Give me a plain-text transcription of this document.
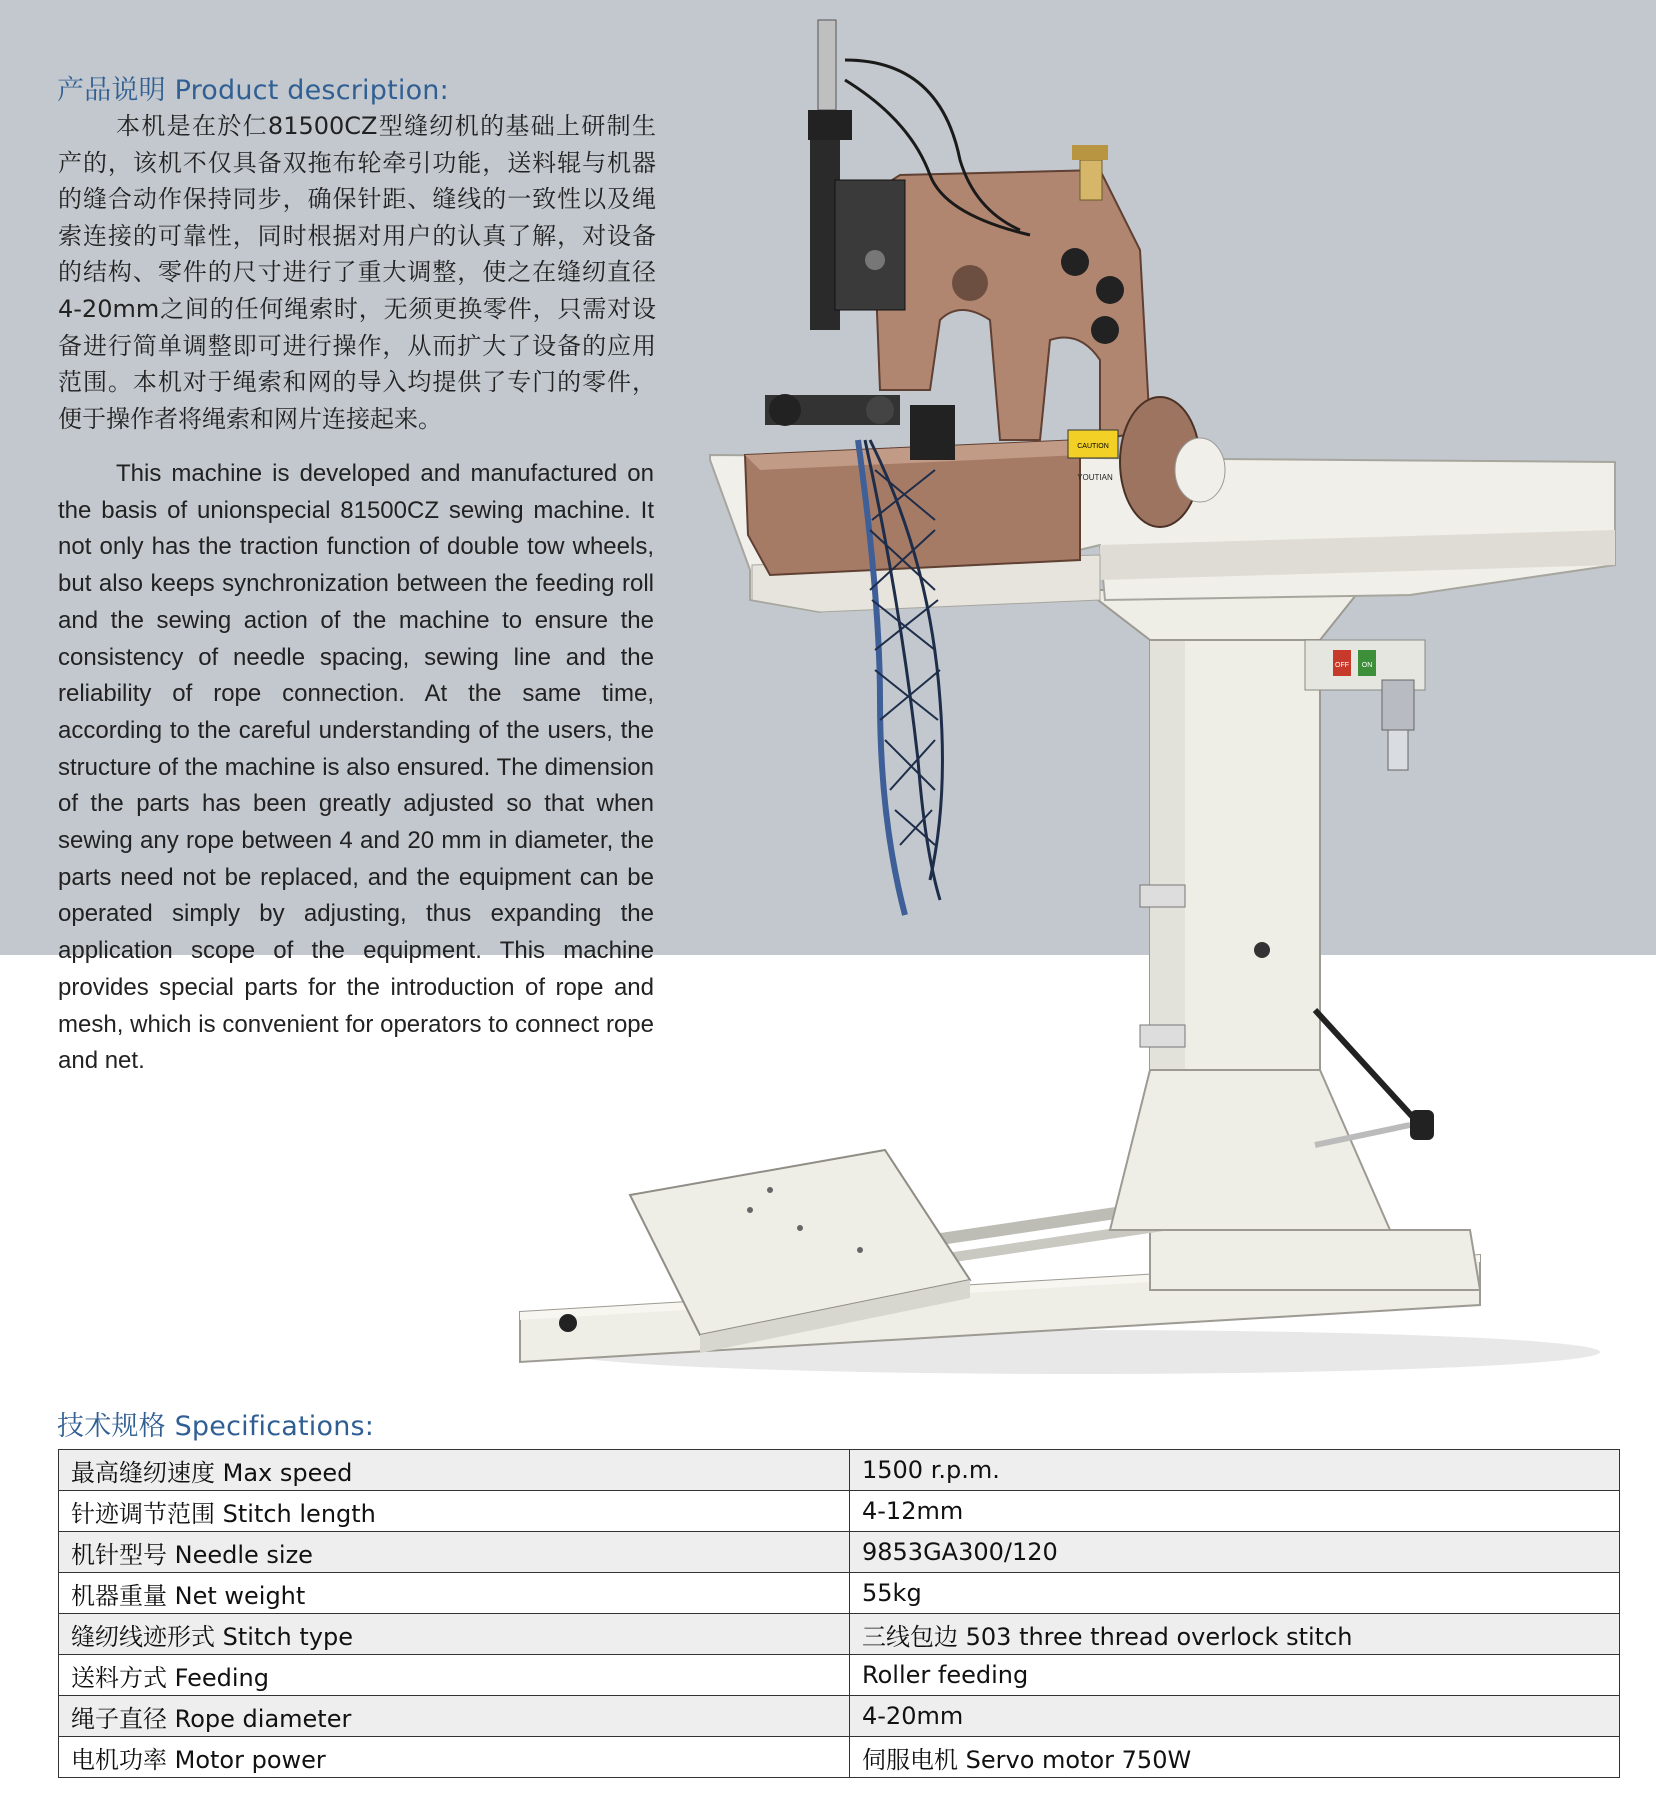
OFF ON
CAUTION
YOUTIAN
产品说明 Product description:

本机是在於仁81500CZ型缝纫机的基础上研制生产的，该机不仅具备双拖布轮牵引功能，送料辊与机器的缝合动作保持同步，确保针距、缝线的一致性以及绳索连接的可靠性，同时根据对用户的认真了解，对设备的结构、零件的尺寸进行了重大调整，使之在缝纫直径4-20mm之间的任何绳索时，无须更换零件，只需对设备进行简单调整即可进行操作，从而扩大了设备的应用范围。本机对于绳索和网的导入均提供了专门的零件，便于操作者将绳索和网片连接起来。

This machine is developed and manufactured on the basis of unionspecial 81500CZ sewing machine. It not only has the traction function of double tow wheels, but also keeps synchronization between the feeding roll and the sewing action of the machine to ensure the consistency of needle spacing, sewing line and the reliability of rope connection. At the same time, according to the careful understanding of the users, the structure of the machine is also ensured. The dimension of the parts has been greatly adjusted so that when sewing any rope between 4 and 20 mm in diameter, the parts need not be replaced, and the equipment can be operated simply by adjusting, thus expanding the application scope of the equipment. This machine provides special parts for the introduction of rope and mesh, which is convenient for operators to connect rope and net.

技术规格 Specifications:
最高缝纫速度 Max speed	1500 r.p.m.
针迹调节范围 Stitch length	4-12mm
机针型号 Needle size	9853GA300/120
机器重量 Net weight	55kg
缝纫线迹形式 Stitch type	三线包边 503 three thread overlock stitch
送料方式 Feeding	Roller feeding
绳子直径 Rope diameter	4-20mm
电机功率 Motor power	伺服电机 Servo motor 750W
